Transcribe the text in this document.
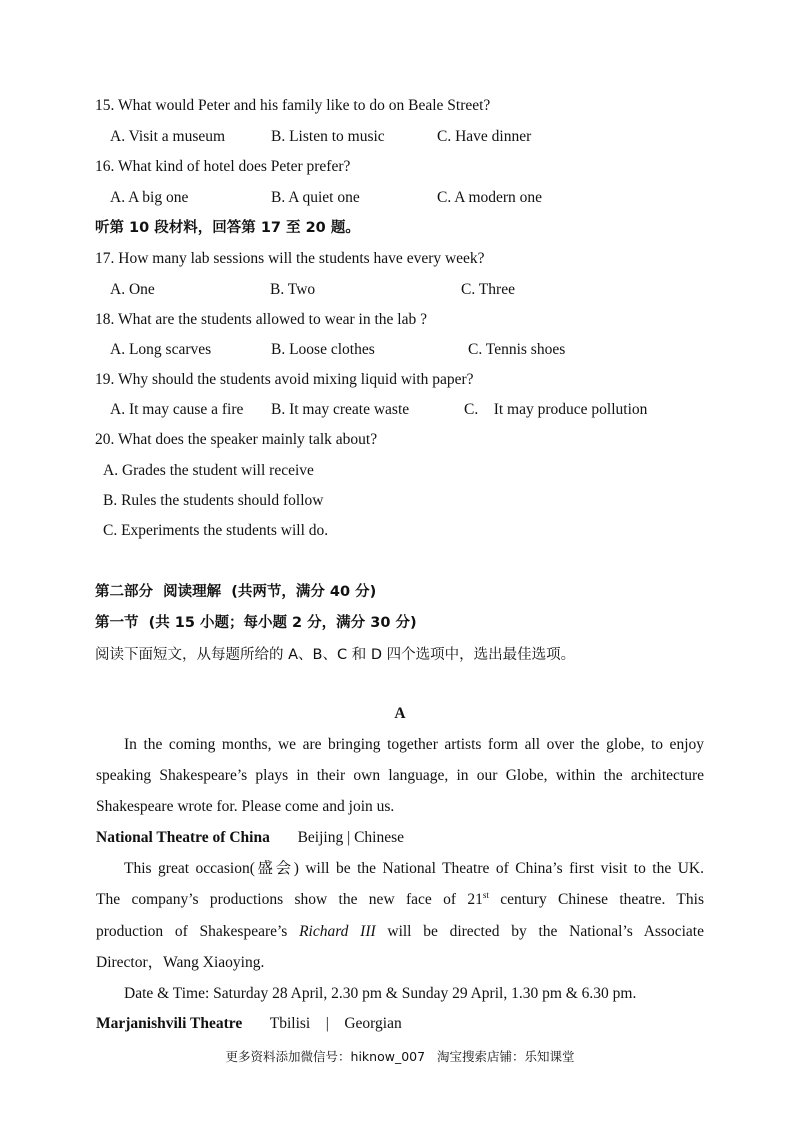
15. What would Peter and his family like to do on Beale Street?
A. Visit a museum	B. Listen to music	C. Have dinner
16. What kind of hotel does Peter prefer?
A. A big one	B. A quiet one	C. A modern one
听第 10 段材料，回答第 17 至 20 题。
17. How many lab sessions will the students have every week?
A. One	B. Two	C. Three
18. What are the students allowed to wear in the lab ?
A. Long scarves	B. Loose clothes	C. Tennis shoes
19. Why should the students avoid mixing liquid with paper?
A. It may cause a fire B. It may create waste	C.    It may produce pollution
20. What does the speaker mainly talk about?
A. Grades the student will receive
B. Rules the students should follow
C. Experiments the students will do.
第二部分  阅读理解  (共两节，满分 40 分)
第一节  (共 15 小题；每小题 2 分，满分 30 分)
阅读下面短文，从每题所给的 A、B、C 和 D 四个选项中，选出最佳选项。
A
In the coming months, we are bringing together artists form all over the globe, to enjoy
speaking Shakespeare’s plays in their own language, in our Globe, within the architecture
Shakespeare wrote for. Please come and join us.
National Theatre of China Beijing | Chinese
This great occasion(盛会) will be the National Theatre of China’s first visit to the UK.
The company’s productions show the new face of 21st century Chinese theatre. This
production of Shakespeare’s Richard III will be directed by the National’s Associate
Director，Wang Xiaoying.
Date & Time: Saturday 28 April, 2.30 pm & Sunday 29 April, 1.30 pm & 6.30 pm.
Marjanishvili Theatre Tbilisi    |    Georgian
更多资料添加微信号：hiknow_007   淘宝搜索店铺：乐知课堂
